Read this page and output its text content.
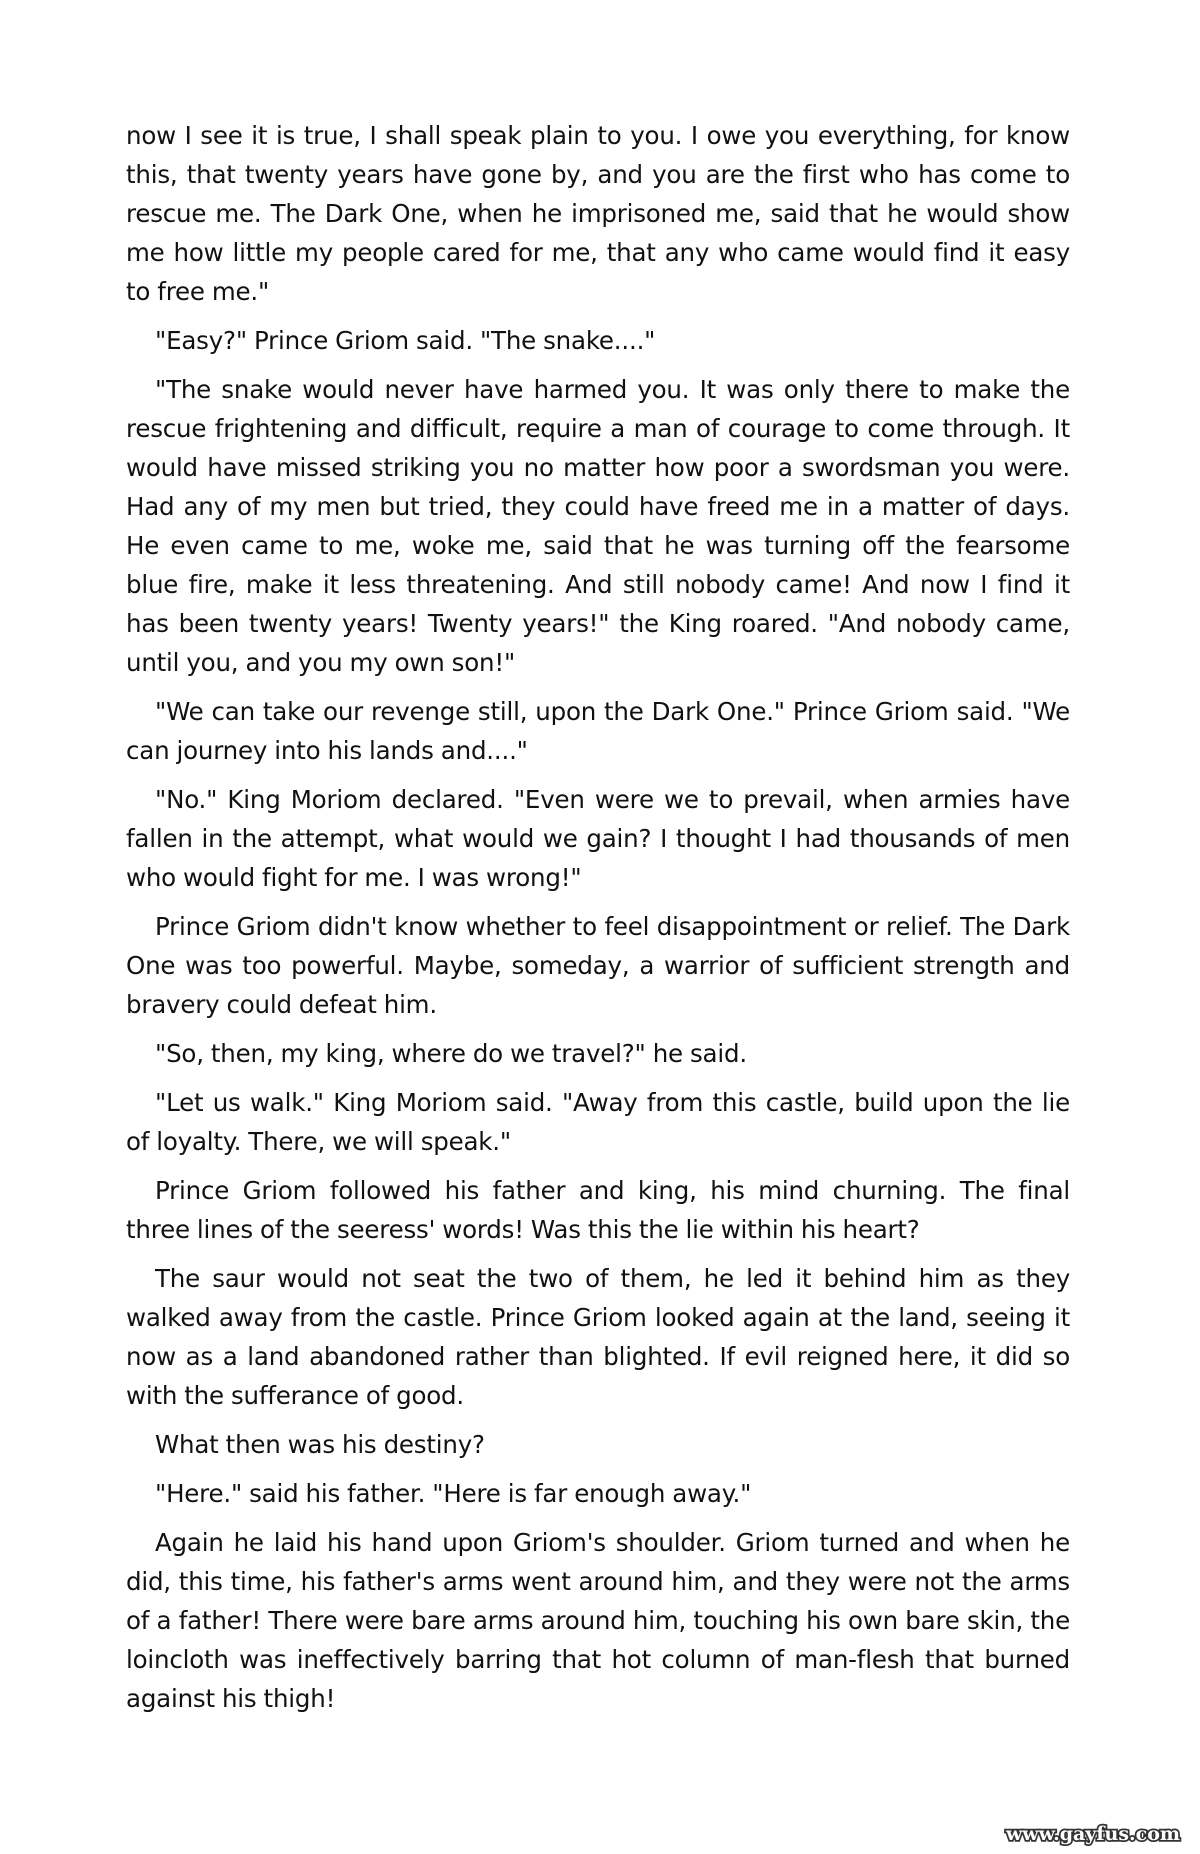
now I see it is true, I shall speak plain to you. I owe you everything, for know this, that twenty years have gone by, and you are the first who has come to rescue me. The Dark One, when he imprisoned me, said that he would show me how little my people cared for me, that any who came would find it easy to free me."

"Easy?" Prince Griom said. "The snake...."

"The snake would never have harmed you. It was only there to make the rescue frightening and difficult, require a man of courage to come through. It would have missed striking you no matter how poor a swordsman you were. Had any of my men but tried, they could have freed me in a matter of days. He even came to me, woke me, said that he was turning off the fearsome blue fire, make it less threatening. And still nobody came! And now I find it has been twenty years! Twenty years!" the King roared. "And nobody came, until you, and you my own son!"

"We can take our revenge still, upon the Dark One." Prince Griom said. "We can journey into his lands and...."

"No." King Moriom declared. "Even were we to prevail, when armies have fallen in the attempt, what would we gain? I thought I had thousands of men who would fight for me. I was wrong!"

Prince Griom didn't know whether to feel disappointment or relief. The Dark One was too powerful. Maybe, someday, a warrior of sufficient strength and bravery could defeat him.

"So, then, my king, where do we travel?" he said.

"Let us walk." King Moriom said. "Away from this castle, build upon the lie of loyalty. There, we will speak."

Prince Griom followed his father and king, his mind churning. The final three lines of the seeress' words! Was this the lie within his heart?

The saur would not seat the two of them, he led it behind him as they walked away from the castle. Prince Griom looked again at the land, seeing it now as a land abandoned rather than blighted. If evil reigned here, it did so with the sufferance of good.

What then was his destiny?

"Here." said his father. "Here is far enough away."

Again he laid his hand upon Griom's shoulder. Griom turned and when he did, this time, his father's arms went around him, and they were not the arms of a father! There were bare arms around him, touching his own bare skin, the loincloth was ineffectively barring that hot column of man-flesh that burned against his thigh!

www.gayfus.com
